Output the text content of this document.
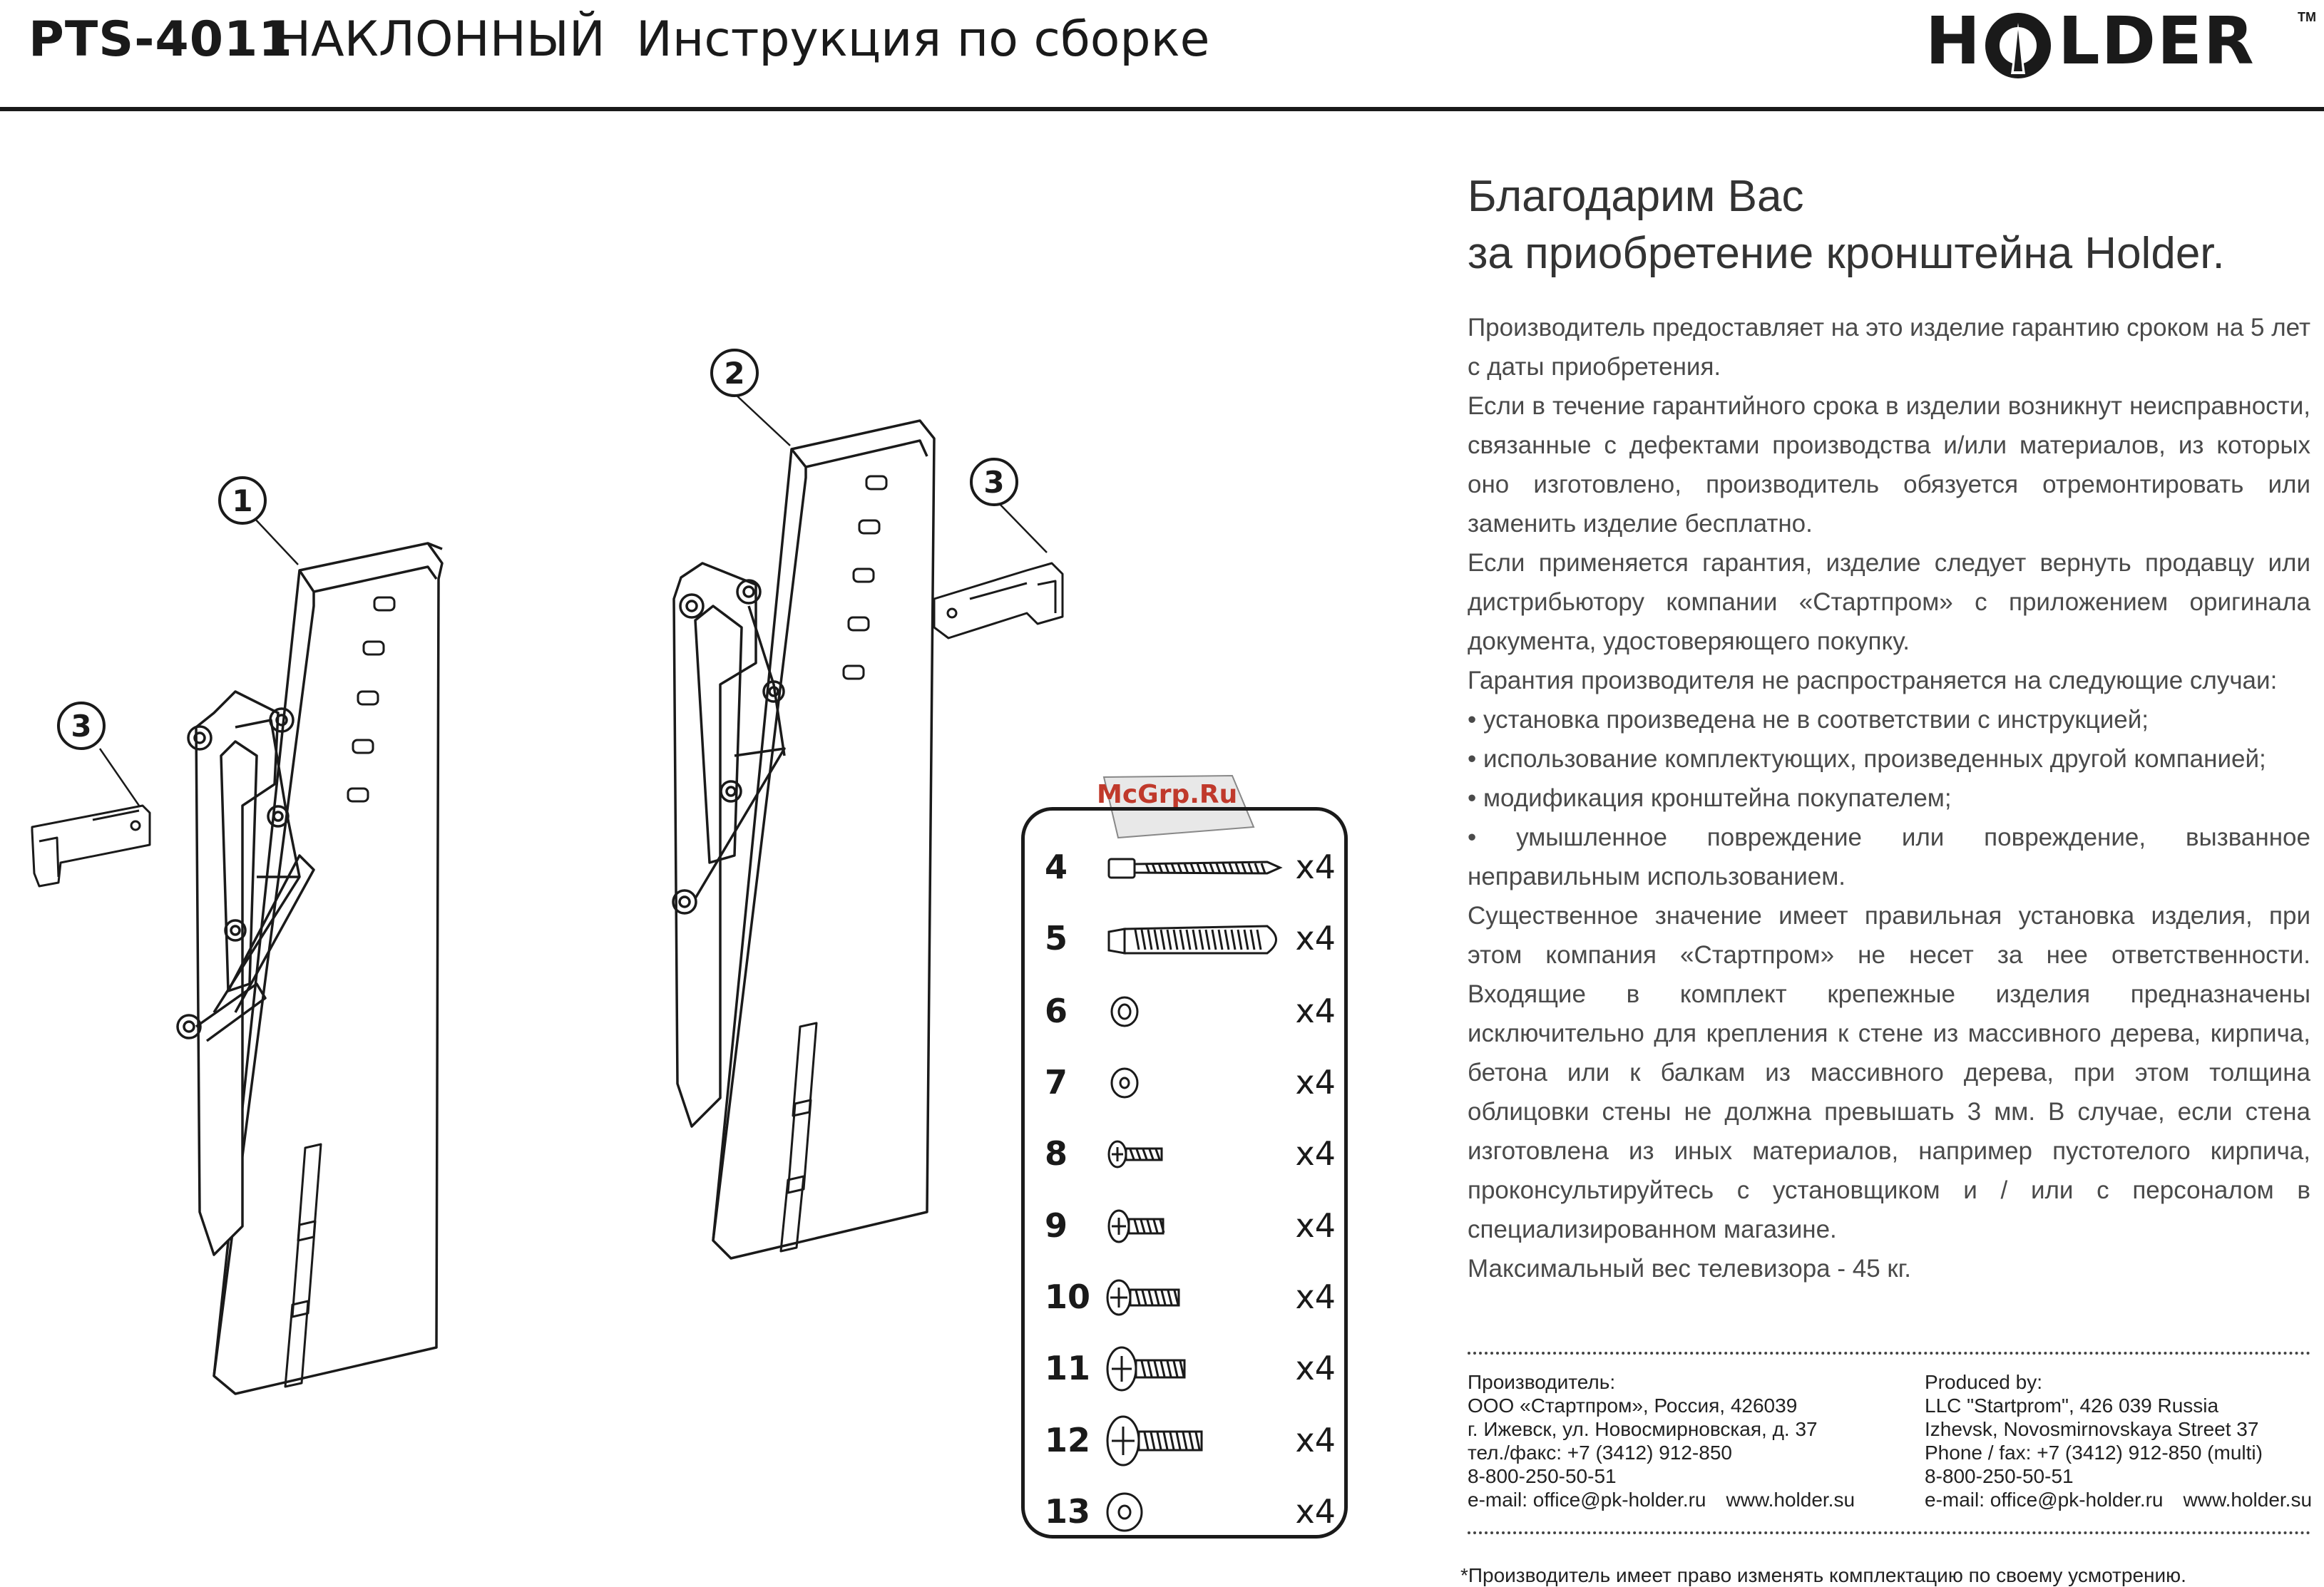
PTS-4011
НАКЛОННЫЙ Инструкция по сборке	H LDER	TM
1
2
3
3
McGrp.Ru
4	x4
5	x4
6	x4
7	x4
8	x4
9	x4
10	x4
11	x4
12	x4
13	x4
Благодарим Вас
за приобретение кронштейна Holder.

Производитель предоставляет на это изделие гарантию сроком на 5 лет с даты приобретения.

Если в течение гарантийного срока в изделии возникнут неисправности, связанные с дефектами производства и/или материалов, из которых оно изготовлено, производитель обязуется отремонтировать или заменить изделие бесплатно.

Если применяется гарантия, изделие следует вернуть продавцу или дистрибьютору компании «Стартпром» с приложением оригинала документа, удостоверяющего покупку.

Гарантия производителя не распространяется на следующие случаи:

• установка произведена не в соответствии с инструкцией;

• использование комплектующих, произведенных другой компанией;

• модификация кронштейна покупателем;

• умышленное повреждение или повреждение, вызванное неправильным использованием.

Существенное значение имеет правильная установка изделия, при этом компания «Стартпром» не несет за нее ответственности. Входящие в комплект крепежные изделия предназначены исключительно для крепления к стене из массивного дерева, кирпича, бетона или к балкам из массивного дерева, при этом толщина облицовки стены не должна превышать 3 мм. В случае, если стена изготовлена из иных материалов, например пустотелого кирпича, проконсультируйтесь с установщиком и / или с персоналом в специализированном магазине.

Максимальный вес телевизора - 45 кг.

Производитель:
ООО «Стартпром», Россия, 426039
г. Ижевск, ул. Новосмирновская, д. 37
тел./факс: +7 (3412) 912-850
8-800-250-50-51
e-mail: office@pk-holder.ru www.holder.su
Produced by:
LLC "Startprom", 426 039 Russia
Izhevsk, Novosmirnovskaya Street 37
Phone / fax: +7 (3412) 912-850 (multi)
8-800-250-50-51
e-mail: office@pk-holder.ru www.holder.su
*Производитель имеет право изменять комплектацию по своему усмотрению.
